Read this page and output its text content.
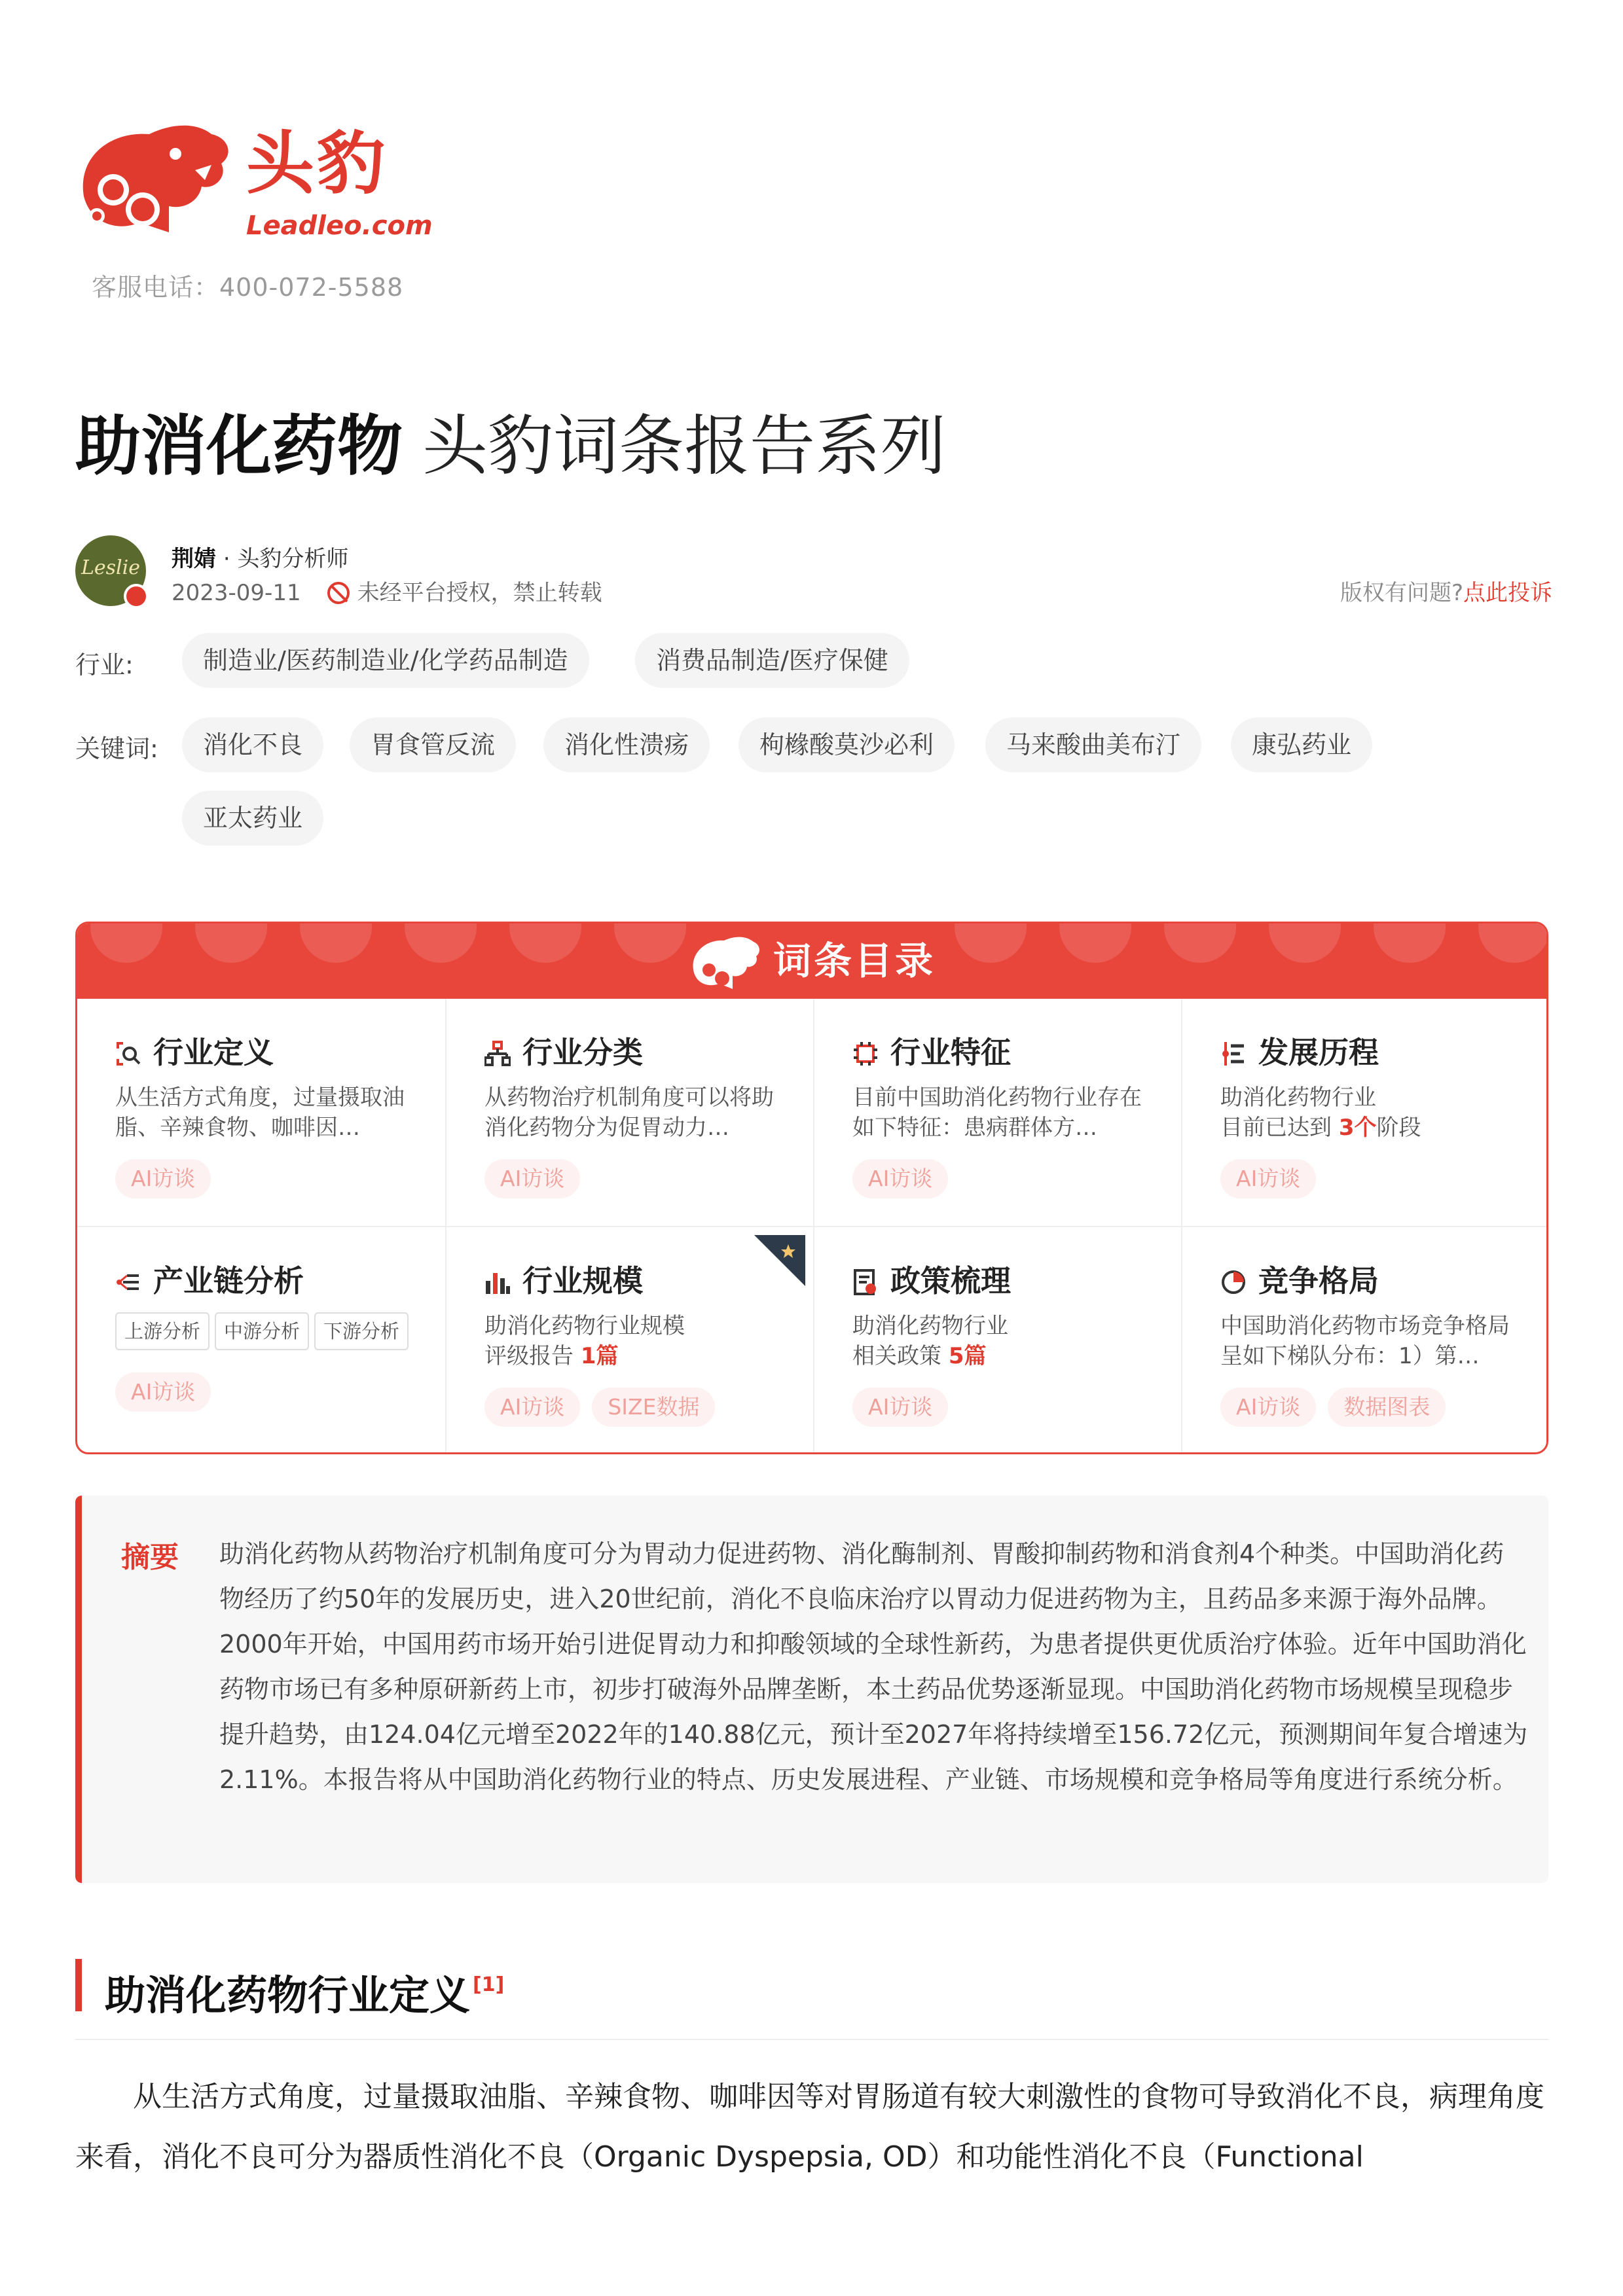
头豹
Leadleo.com
客服电话：400-072-5588
助消化药物 头豹词条报告系列
Leslie 荆婧 · 头豹分析师
2023-09-11	未经平台授权，禁止转载	版权有问题?点此投诉
行业:	制造业/医药制造业/化学药品制造	消费品制造/医疗保健
关键词:	消化不良	胃食管反流	消化性溃疡	枸橼酸莫沙必利	马来酸曲美布汀	康弘药业
亚太药业
词条目录
行业定义
从生活方式角度，过量摄取油脂、辛辣食物、咖啡因…
AI访谈
行业分类
从药物治疗机制角度可以将助消化药物分为促胃动力…
AI访谈
行业特征
目前中国助消化药物行业存在如下特征：患病群体方…
AI访谈
发展历程
助消化药物行业
目前已达到 3个阶段
AI访谈
产业链分析
上游分析 中游分析 下游分析
AI访谈
行业规模
助消化药物行业规模
评级报告 1篇
AI访谈 SIZE数据
政策梳理
助消化药物行业
相关政策 5篇
AI访谈
竞争格局
中国助消化药物市场竞争格局呈如下梯队分布：1）第…
AI访谈 数据图表
摘要 助消化药物从药物治疗机制角度可分为胃动力促进药物、消化酶制剂、胃酸抑制药物和消食剂4个种类。中国助消化药物经历了约50年的发展历史，进入20世纪前，消化不良临床治疗以胃动力促进药物为主，且药品多来源于海外品牌。2000年开始，中国用药市场开始引进促胃动力和抑酸领域的全球性新药，为患者提供更优质治疗体验。近年中国助消化药物市场已有多种原研新药上市，初步打破海外品牌垄断，本土药品优势逐渐显现。中国助消化药物市场规模呈现稳步提升趋势，由124.04亿元增至2022年的140.88亿元，预计至2027年将持续增至156.72亿元，预测期间年复合增速为2.11%。本报告将从中国助消化药物行业的特点、历史发展进程、产业链、市场规模和竞争格局等角度进行系统分析。
助消化药物行业定义 [1]
从生活方式角度，过量摄取油脂、辛辣食物、咖啡因等对胃肠道有较大刺激性的食物可导致消化不良，病理角度来看，消化不良可分为器质性消化不良（Organic Dyspepsia, OD）和功能性消化不良（Functional
